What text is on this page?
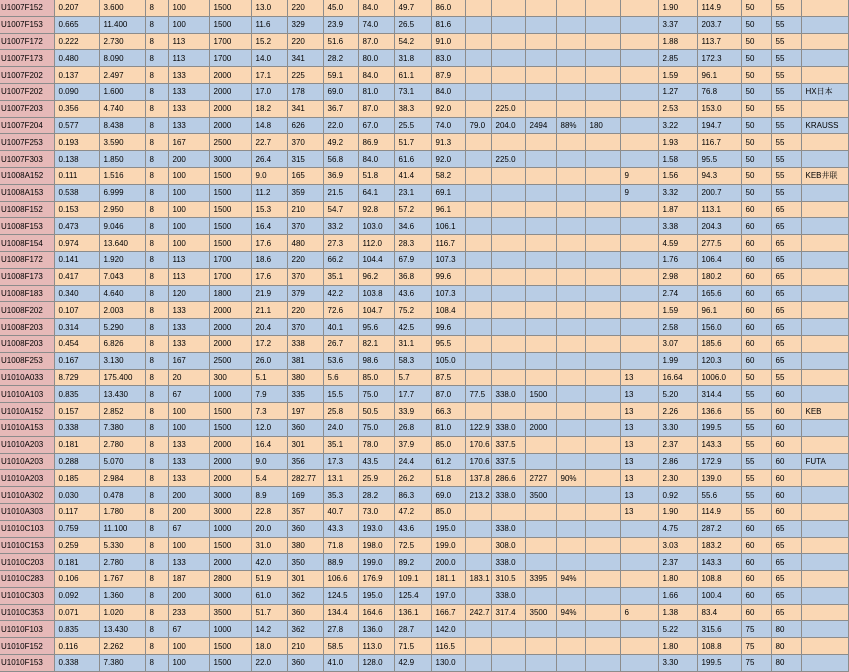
U1007F152	0.207	3.600	8	100	1500	13.0	220	45.0	84.0	49.7	86.0							1.90	114.9	50	55	
U1007F153	0.665	11.400	8	100	1500	11.6	329	23.9	74.0	26.5	81.6							3.37	203.7	50	55	
U1007F172	0.222	2.730	8	113	1700	15.2	220	51.6	87.0	54.2	91.0							1.88	113.7	50	55	
U1007F173	0.480	8.090	8	113	1700	14.0	341	28.2	80.0	31.8	83.0							2.85	172.3	50	55	
U1007F202	0.137	2.497	8	133	2000	17.1	225	59.1	84.0	61.1	87.9							1.59	96.1	50	55	
U1007F202	0.090	1.600	8	133	2000	17.0	178	69.0	81.0	73.1	84.0							1.27	76.8	50	55	HX日本
U1007F203	0.356	4.740	8	133	2000	18.2	341	36.7	87.0	38.3	92.0		225.0					2.53	153.0	50	55	
U1007F204	0.577	8.438	8	133	2000	14.8	626	22.0	67.0	25.5	74.0	79.0	204.0	2494	88%	180		3.22	194.7	50	55	KRAUSS
U1007F253	0.193	3.590	8	167	2500	22.7	370	49.2	86.9	51.7	91.3							1.93	116.7	50	55	
U1007F303	0.138	1.850	8	200	3000	26.4	315	56.8	84.0	61.6	92.0		225.0					1.58	95.5	50	55	
U1008A152	0.111	1.516	8	100	1500	9.0	165	36.9	51.8	41.4	58.2						9	1.56	94.3	50	55	KEB井联
U1008A153	0.538	6.999	8	100	1500	11.2	359	21.5	64.1	23.1	69.1						9	3.32	200.7	50	55	
U1008F152	0.153	2.950	8	100	1500	15.3	210	54.7	92.8	57.2	96.1							1.87	113.1	60	65	
U1008F153	0.473	9.046	8	100	1500	16.4	370	33.2	103.0	34.6	106.1							3.38	204.3	60	65	
U1008F154	0.974	13.640	8	100	1500	17.6	480	27.3	112.0	28.3	116.7							4.59	277.5	60	65	
U1008F172	0.141	1.920	8	113	1700	18.6	220	66.2	104.4	67.9	107.3							1.76	106.4	60	65	
U1008F173	0.417	7.043	8	113	1700	17.6	370	35.1	96.2	36.8	99.6							2.98	180.2	60	65	
U1008F183	0.340	4.640	8	120	1800	21.9	379	42.2	103.8	43.6	107.3							2.74	165.6	60	65	
U1008F202	0.107	2.003	8	133	2000	21.1	220	72.6	104.7	75.2	108.4							1.59	96.1	60	65	
U1008F203	0.314	5.290	8	133	2000	20.4	370	40.1	95.6	42.5	99.6							2.58	156.0	60	65	
U1008F203	0.454	6.826	8	133	2000	17.2	338	26.7	82.1	31.1	95.5							3.07	185.6	60	65	
U1008F253	0.167	3.130	8	167	2500	26.0	381	53.6	98.6	58.3	105.0							1.99	120.3	60	65	
U1010A033	8.729	175.400	8	20	300	5.1	380	5.6	85.0	5.7	87.5						13	16.64	1006.0	50	55	
U1010A103	0.835	13.430	8	67	1000	7.9	335	15.5	75.0	17.7	87.0	77.5	338.0	1500			13	5.20	314.4	55	60	
U1010A152	0.157	2.852	8	100	1500	7.3	197	25.8	50.5	33.9	66.3						13	2.26	136.6	55	60	KEB
U1010A153	0.338	7.380	8	100	1500	12.0	360	24.0	75.0	26.8	81.0	122.9	338.0	2000			13	3.30	199.5	55	60	
U1010A203	0.181	2.780	8	133	2000	16.4	301	35.1	78.0	37.9	85.0	170.6	337.5				13	2.37	143.3	55	60	
U1010A203	0.288	5.070	8	133	2000	9.0	356	17.3	43.5	24.4	61.2	170.6	337.5				13	2.86	172.9	55	60	FUTA
U1010A203	0.185	2.984	8	133	2000	5.4	282.77	13.1	25.9	26.2	51.8	137.8	286.6	2727	90%		13	2.30	139.0	55	60	
U1010A302	0.030	0.478	8	200	3000	8.9	169	35.3	28.2	86.3	69.0	213.2	338.0	3500			13	0.92	55.6	55	60	
U1010A303	0.117	1.780	8	200	3000	22.8	357	40.7	73.0	47.2	85.0						13	1.90	114.9	55	60	
U1010C103	0.759	11.100	8	67	1000	20.0	360	43.3	193.0	43.6	195.0		338.0					4.75	287.2	60	65	
U1010C153	0.259	5.330	8	100	1500	31.0	380	71.8	198.0	72.5	199.0		308.0					3.03	183.2	60	65	
U1010C203	0.181	2.780	8	133	2000	42.0	350	88.9	199.0	89.2	200.0		338.0					2.37	143.3	60	65	
U1010C283	0.106	1.767	8	187	2800	51.9	301	106.6	176.9	109.1	181.1	183.1	310.5	3395	94%			1.80	108.8	60	65	
U1010C303	0.092	1.360	8	200	3000	61.0	362	124.5	195.0	125.4	197.0		338.0					1.66	100.4	60	65	
U1010C353	0.071	1.020	8	233	3500	51.7	360	134.4	164.6	136.1	166.7	242.7	317.4	3500	94%		6	1.38	83.4	60	65	
U1010F103	0.835	13.430	8	67	1000	14.2	362	27.8	136.0	28.7	142.0							5.22	315.6	75	80	
U1010F152	0.116	2.262	8	100	1500	18.0	210	58.5	113.0	71.5	116.5							1.80	108.8	75	80	
U1010F153	0.338	7.380	8	100	1500	22.0	360	41.0	128.0	42.9	130.0							3.30	199.5	75	80	
